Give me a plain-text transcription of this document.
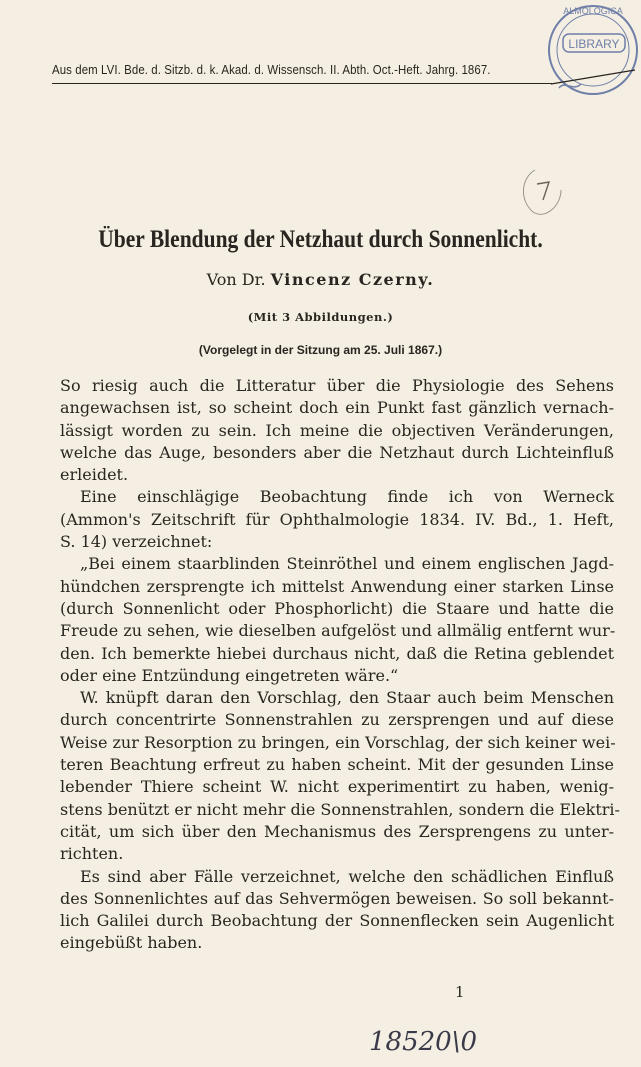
Aus dem LVI. Bde. d. Sitzb. d. k. Akad. d. Wissensch. II. Abth. Oct.-Heft. Jahrg. 1867.
LIBRARY
ALMOLOGICA
Über Blendung der Netzhaut durch Sonnenlicht.
Von Dr. Vincenz Czerny.
(Mit 3 Abbildungen.)
(Vorgelegt in der Sitzung am 25. Juli 1867.)
So riesig auch die Litteratur über die Physiologie des Sehens
angewachsen ist, so scheint doch ein Punkt fast gänzlich vernach-
lässigt worden zu sein. Ich meine die objectiven Veränderungen,
welche das Auge, besonders aber die Netzhaut durch Lichteinfluß
erleidet.
Eine einschlägige Beobachtung finde ich von Werneck
(Ammon's Zeitschrift für Ophthalmologie 1834. IV. Bd., 1. Heft,
S. 14) verzeichnet:
„Bei einem staarblinden Steinröthel und einem englischen Jagd-
hündchen zersprengte ich mittelst Anwendung einer starken Linse
(durch Sonnenlicht oder Phosphorlicht) die Staare und hatte die
Freude zu sehen, wie dieselben aufgelöst und allmälig entfernt wur-
den. Ich bemerkte hiebei durchaus nicht, daß die Retina geblendet
oder eine Entzündung eingetreten wäre.“
W. knüpft daran den Vorschlag, den Staar auch beim Menschen
durch concentrirte Sonnenstrahlen zu zersprengen und auf diese
Weise zur Resorption zu bringen, ein Vorschlag, der sich keiner wei-
teren Beachtung erfreut zu haben scheint. Mit der gesunden Linse
lebender Thiere scheint W. nicht experimentirt zu haben, wenig-
stens benützt er nicht mehr die Sonnenstrahlen, sondern die Elektri-
cität, um sich über den Mechanismus des Zersprengens zu unter-
richten.
Es sind aber Fälle verzeichnet, welche den schädlichen Einfluß
des Sonnenlichtes auf das Sehvermögen beweisen. So soll bekannt-
lich Galilei durch Beobachtung der Sonnenflecken sein Augenlicht
eingebüßt haben.
1
18520\0
